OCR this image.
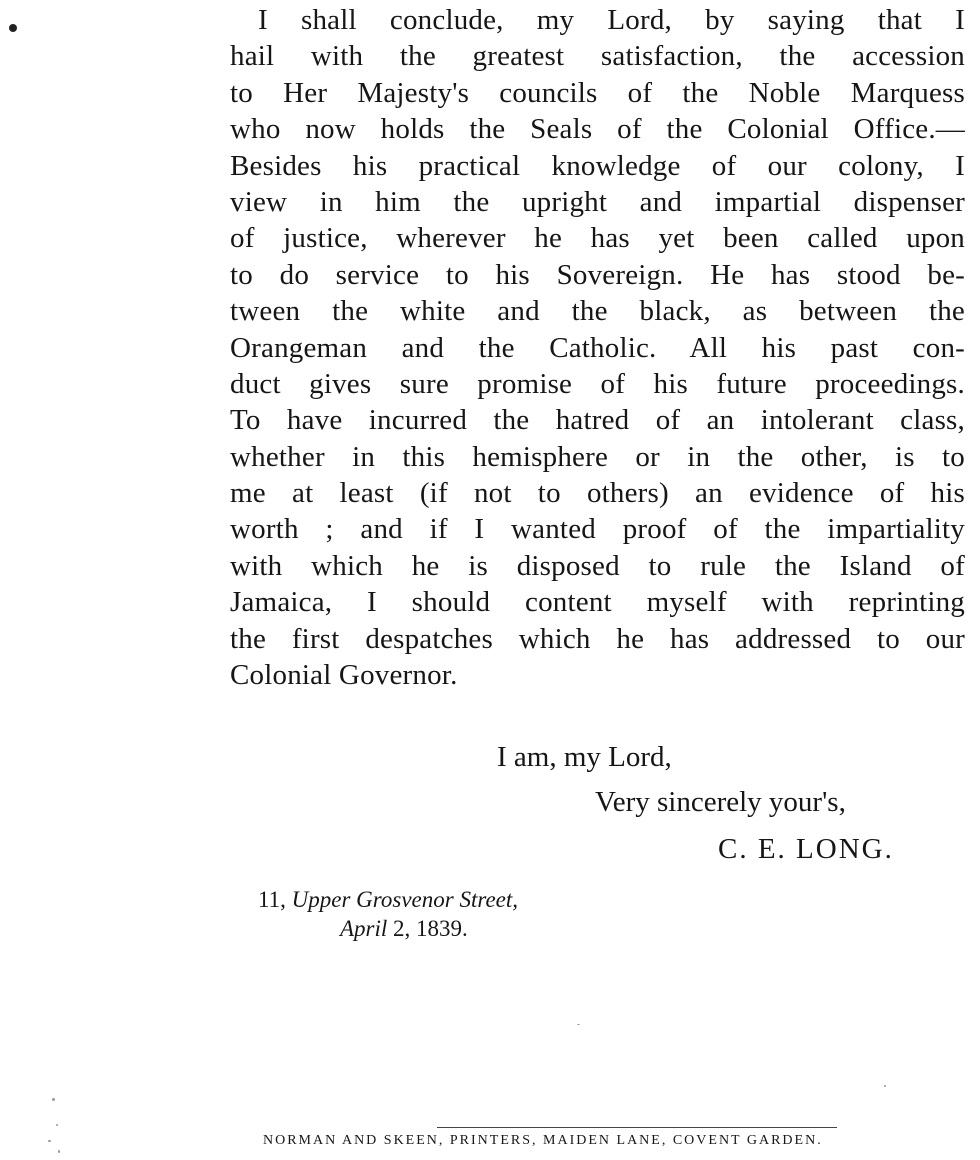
I shall conclude, my Lord, by saying that I
hail with the greatest satisfaction, the accession
to Her Majesty's councils of the Noble Marquess
who now holds the Seals of the Colonial Office.—
Besides his practical knowledge of our colony, I
view in him the upright and impartial dispenser
of justice, wherever he has yet been called upon
to do service to his Sovereign. He has stood be-
tween the white and the black, as between the
Orangeman and the Catholic. All his past con-
duct gives sure promise of his future proceedings.
To have incurred the hatred of an intolerant class,
whether in this hemisphere or in the other, is to
me at least (if not to others) an evidence of his
worth ; and if I wanted proof of the impartiality
with which he is disposed to rule the Island of
Jamaica, I should content myself with reprinting
the first despatches which he has addressed to our
Colonial Governor.
I am, my Lord,
Very sincerely your's,
C. E. LONG.
11, Upper Grosvenor Street,
April 2, 1839.
NORMAN AND SKEEN, PRINTERS, MAIDEN LANE, COVENT GARDEN.
